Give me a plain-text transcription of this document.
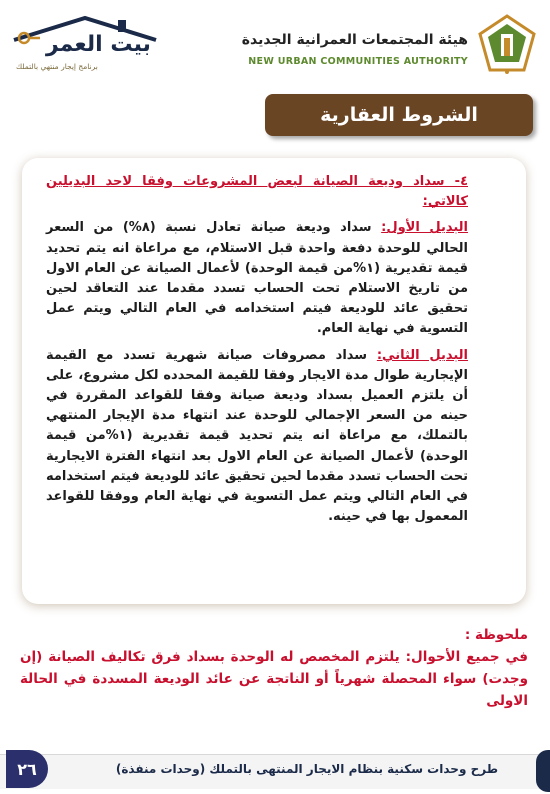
هيئة المجتمعات العمرانية الجديدة
NEW URBAN COMMUNITIES AUTHORITY
بيت العمر
برنامج إيجار منتهي بالتملك
الشروط العقارية

٤- سداد وديعة الصيانة لبعض المشروعات وفقا لاحد البديلين كالاتي:

البديل الأول: سداد وديعة صيانة تعادل نسبة (٨%) من السعر الحالي للوحدة دفعة واحدة قبل الاستلام، مع مراعاة انه يتم تحديد قيمة تقديرية (١%من قيمة الوحدة) لأعمال الصيانة عن العام الاول من تاريخ الاستلام تحت الحساب تسدد مقدما عند التعاقد لحين تحقيق عائد للوديعة فيتم استخدامه في العام التالي ويتم عمل التسوية في نهاية العام.

البديل الثاني: سداد مصروفات صيانة شهرية تسدد مع القيمة الإيجارية طوال مدة الايجار وفقا للقيمة المحدده لكل مشروع، على أن يلتزم العميل بسداد وديعة صيانة وفقا للقواعد المقررة في حينه من السعر الإجمالي للوحدة عند انتهاء مدة الإيجار المنتهي بالتملك، مع مراعاة انه يتم تحديد قيمة تقديرية (١%من قيمة الوحدة) لأعمال الصيانة عن العام الاول بعد انتهاء الفترة الايجارية تحت الحساب تسدد مقدما لحين تحقيق عائد للوديعة فيتم استخدامه في العام التالي ويتم عمل التسوية في نهاية العام ووفقا للقواعد المعمول بها في حينه.

ملحوظة :
في جميع الأحوال: يلتزم المخصص له الوحدة بسداد فرق تكاليف الصيانة (إن وجدت) سواء المحصلة شهرياً أو الناتجة عن عائد الوديعة المسددة في الحالة الاولى
طرح وحدات سكنية بنظام الايجار المنتهى بالتملك (وحدات منفذة)
٢٦
